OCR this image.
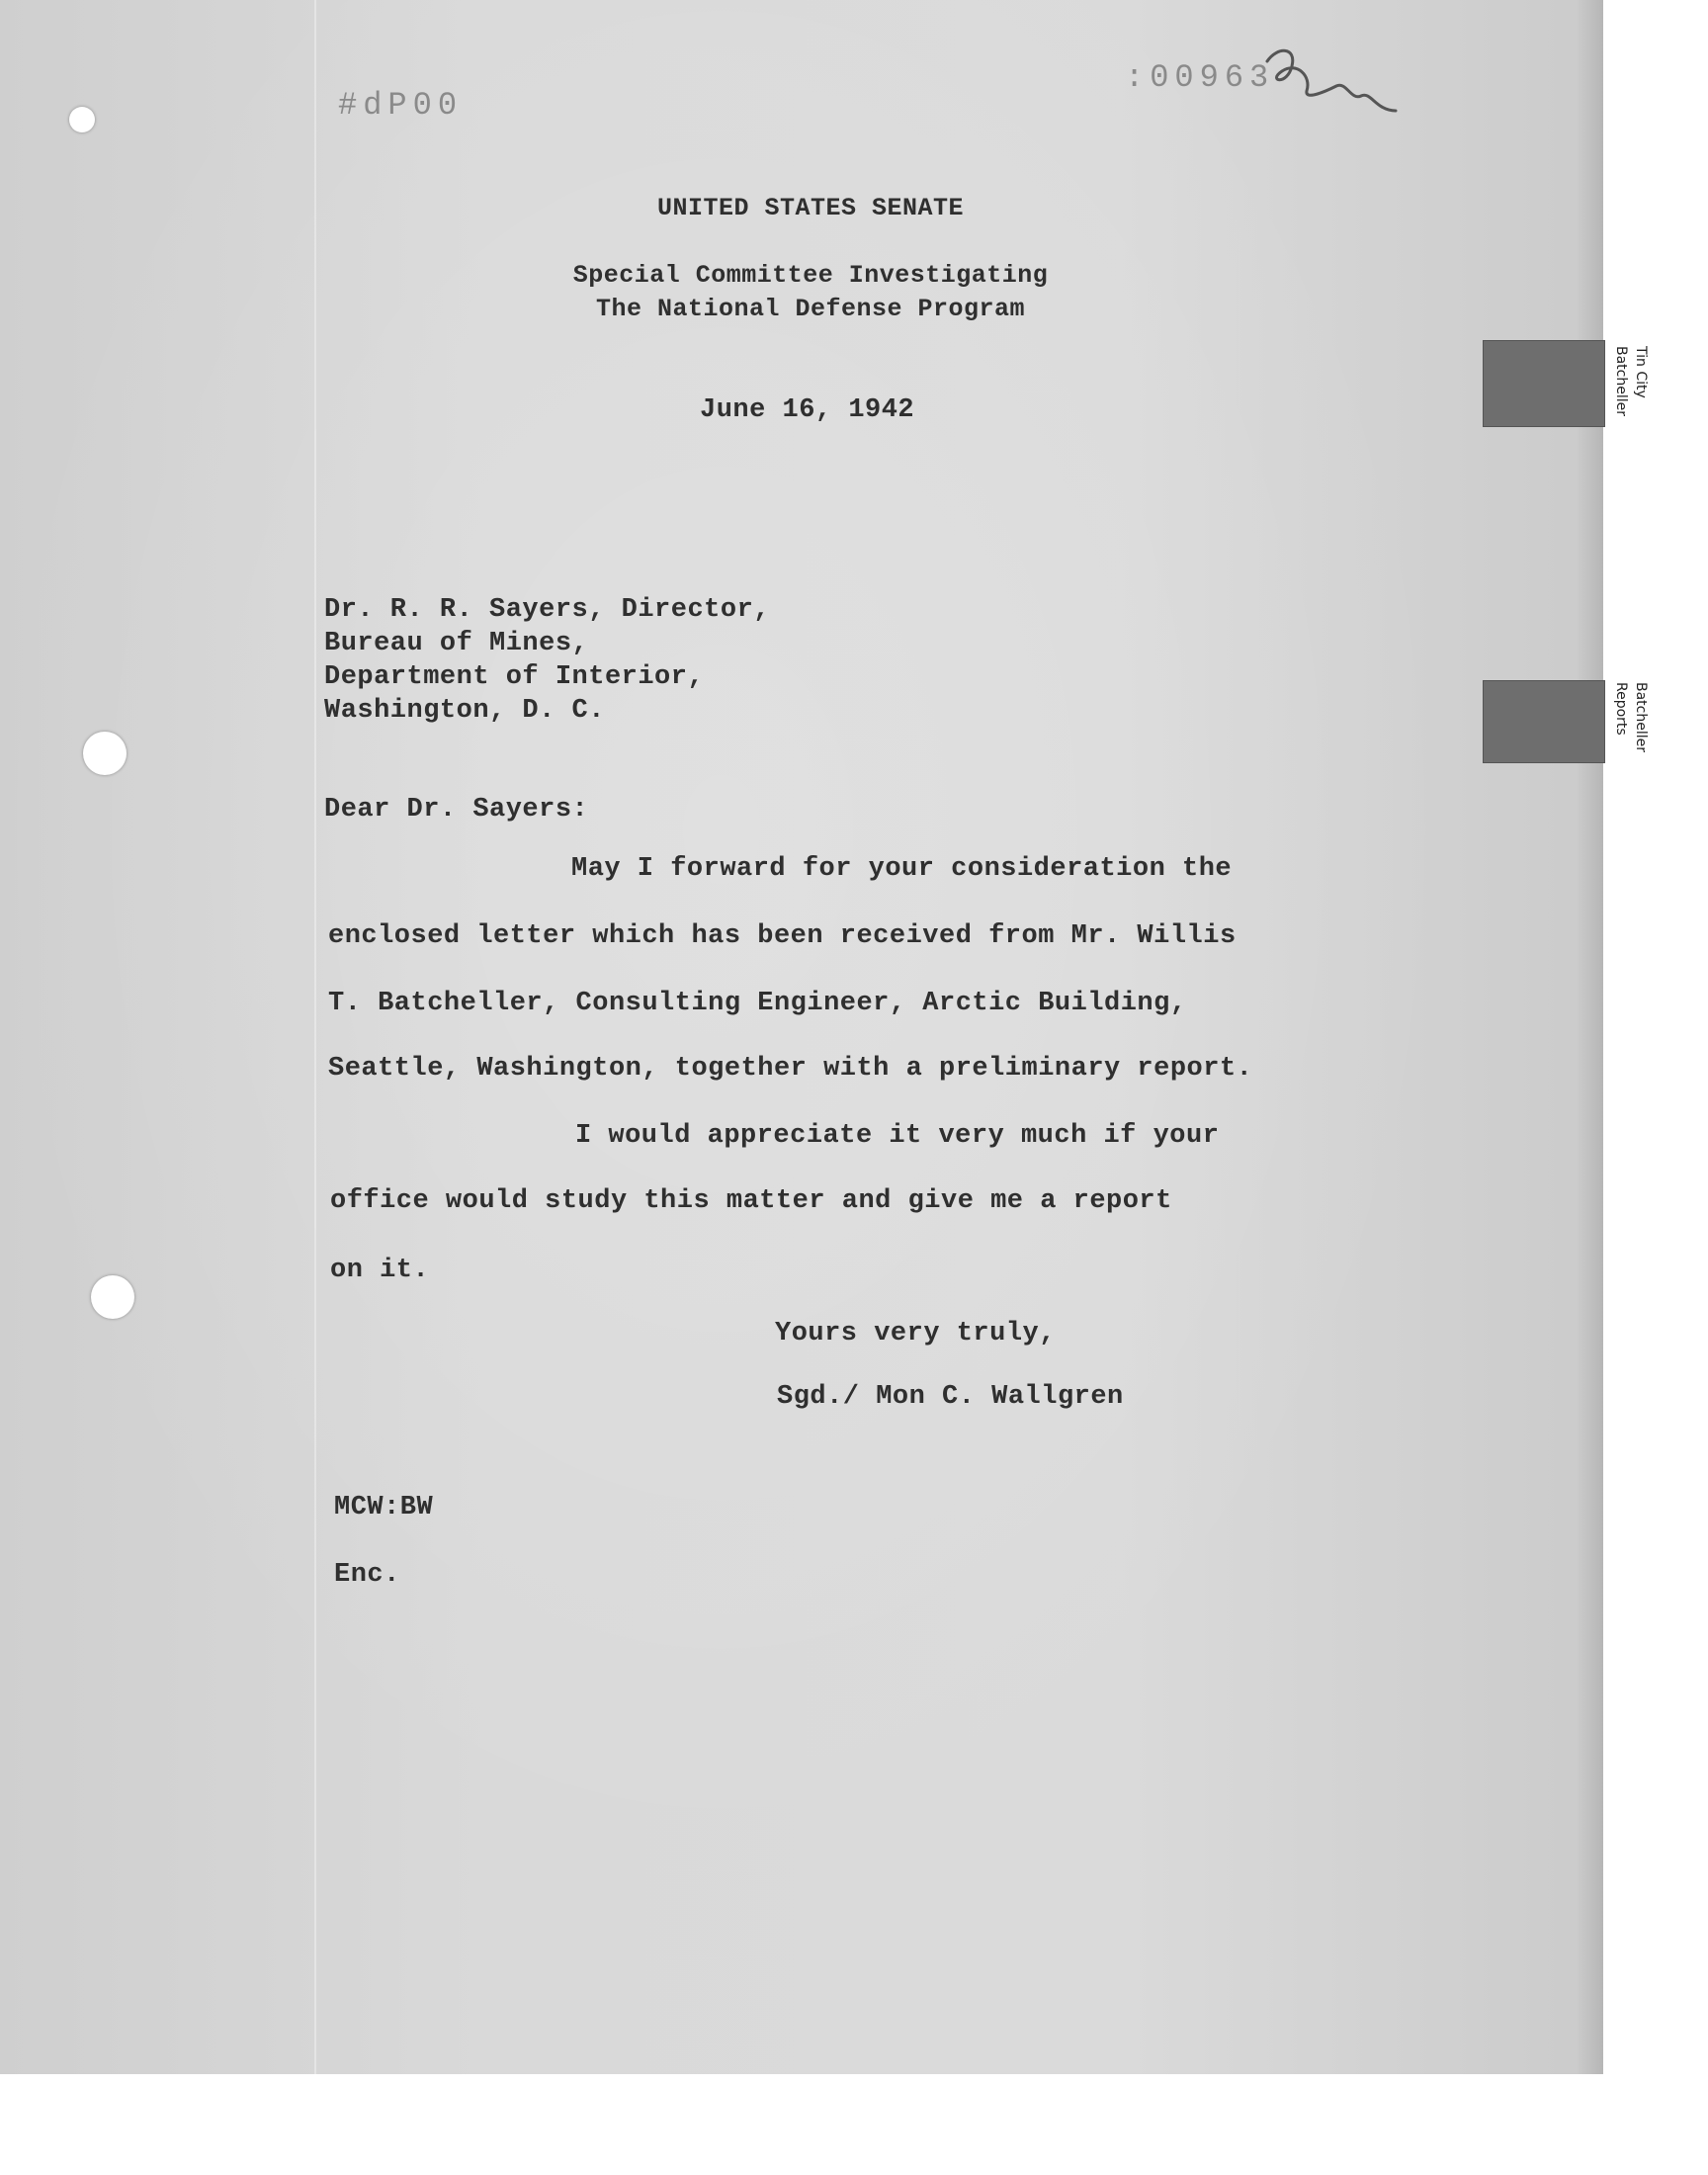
#dP00
:00963
Tin City
Batcheller
Batcheller
Reports
UNITED STATES SENATE
Special Committee Investigating
The National Defense Program
June 16, 1942
Dr. R. R. Sayers, Director,
Bureau of Mines,
Department of Interior,
Washington, D. C.
Dear Dr. Sayers:
May I forward for your consideration the
enclosed letter which has been received from Mr. Willis
T. Batcheller, Consulting Engineer, Arctic Building,
Seattle, Washington, together with a preliminary report.
I would appreciate it very much if your
office would study this matter and give me a report
on it.
Yours very truly,
Sgd./ Mon C. Wallgren
MCW:BW
Enc.
